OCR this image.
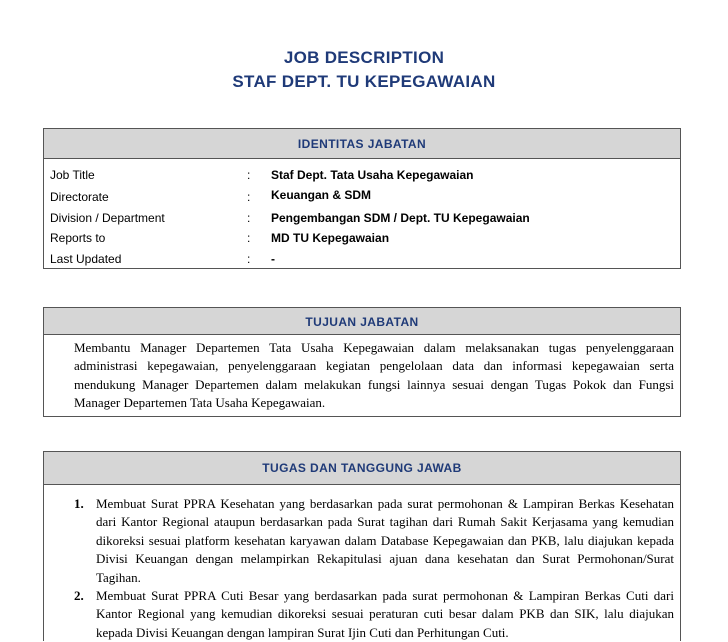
JOB DESCRIPTION
STAF DEPT. TU KEPEGAWAIAN
IDENTITAS JABATAN
Job Title	: Staf Dept. Tata Usaha Kepegawaian
Directorate	: Keuangan & SDM
Division / Department	: Pengembangan SDM / Dept. TU Kepegawaian
Reports to	: MD TU Kepegawaian
Last Updated	: -
TUJUAN JABATAN
Membantu Manager Departemen Tata Usaha Kepegawaian dalam melaksanakan tugas penyelenggaraan administrasi kepegawaian, penyelenggaraan kegiatan pengelolaan data dan informasi kepegawaian serta mendukung Manager Departemen dalam melakukan fungsi lainnya sesuai dengan Tugas Pokok dan Fungsi Manager Departemen Tata Usaha Kepegawaian.
TUGAS DAN TANGGUNG JAWAB
1. Membuat Surat PPRA Kesehatan yang berdasarkan pada surat permohonan & Lampiran Berkas Kesehatan dari Kantor Regional ataupun berdasarkan pada Surat tagihan dari Rumah Sakit Kerjasama yang kemudian dikoreksi sesuai platform kesehatan karyawan dalam Database Kepegawaian dan PKB, lalu diajukan kepada Divisi Keuangan dengan melampirkan Rekapitulasi ajuan dana kesehatan dan Surat Permohonan/Surat Tagihan.
2. Membuat Surat PPRA Cuti Besar yang berdasarkan pada surat permohonan & Lampiran Berkas Cuti dari Kantor Regional yang kemudian dikoreksi sesuai peraturan cuti besar dalam PKB dan SIK, lalu diajukan kepada Divisi Keuangan dengan lampiran Surat Ijin Cuti dan Perhitungan Cuti.
